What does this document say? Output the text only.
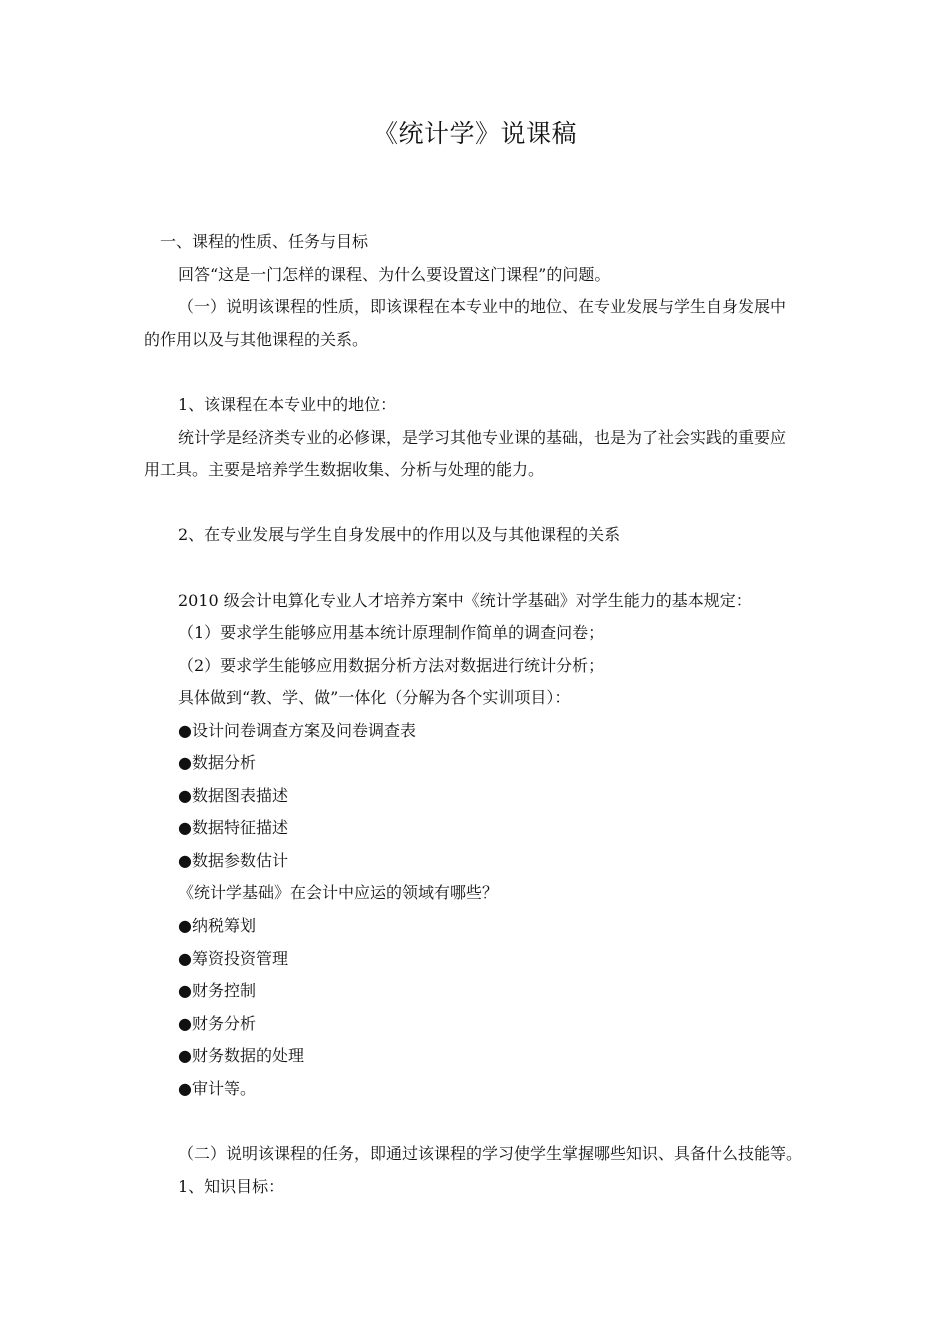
《统计学》说课稿
一、课程的性质、任务与目标
回答“这是一门怎样的课程、为什么要设置这门课程”的问题。
（一）说明该课程的性质，即该课程在本专业中的地位、在专业发展与学生自身发展中
的作用以及与其他课程的关系。
1、该课程在本专业中的地位：
统计学是经济类专业的必修课，是学习其他专业课的基础，也是为了社会实践的重要应
用工具。主要是培养学生数据收集、分析与处理的能力。
2、在专业发展与学生自身发展中的作用以及与其他课程的关系
2010 级会计电算化专业人才培养方案中《统计学基础》对学生能力的基本规定：
（1）要求学生能够应用基本统计原理制作简单的调查问卷；
（2）要求学生能够应用数据分析方法对数据进行统计分析；
具体做到“教、学、做”一体化（分解为各个实训项目）：
●设计问卷调查方案及问卷调查表
●数据分析
●数据图表描述
●数据特征描述
●数据参数估计
《统计学基础》在会计中应运的领域有哪些？
●纳税筹划
●筹资投资管理
●财务控制
●财务分析
●财务数据的处理
●审计等。
（二）说明该课程的任务，即通过该课程的学习使学生掌握哪些知识、具备什么技能等。
1、知识目标：
